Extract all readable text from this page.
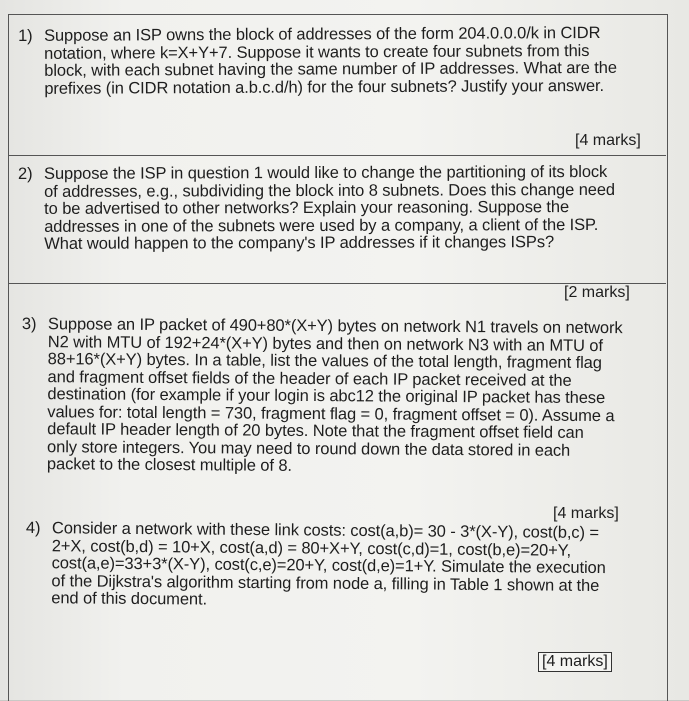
1) Suppose an ISP owns the block of addresses of the form 204.0.0.0/k in CIDR
notation, where k=X+Y+7. Suppose it wants to create four subnets from this
block, with each subnet having the same number of IP addresses. What are the
prefixes (in CIDR notation a.b.c.d/h) for the four subnets? Justify your answer.
[4 marks]
2) Suppose the ISP in question 1 would like to change the partitioning of its block
of addresses, e.g., subdividing the block into 8 subnets. Does this change need
to be advertised to other networks? Explain your reasoning. Suppose the
addresses in one of the subnets were used by a company, a client of the ISP.
What would happen to the company's IP addresses if it changes ISPs?
[2 marks]
3) Suppose an IP packet of 490+80*(X+Y) bytes on network N1 travels on network
N2 with MTU of 192+24*(X+Y) bytes and then on network N3 with an MTU of
88+16*(X+Y) bytes. In a table, list the values of the total length, fragment flag
and fragment offset fields of the header of each IP packet received at the
destination (for example if your login is abc12 the original IP packet has these
values for: total length = 730, fragment flag = 0, fragment offset = 0). Assume a
default IP header length of 20 bytes. Note that the fragment offset field can
only store integers. You may need to round down the data stored in each
packet to the closest multiple of 8.
[4 marks]
4) Consider a network with these link costs: cost(a,b)= 30 - 3*(X-Y), cost(b,c) =
2+X, cost(b,d) = 10+X, cost(a,d) = 80+X+Y, cost(c,d)=1, cost(b,e)=20+Y,
cost(a,e)=33+3*(X-Y), cost(c,e)=20+Y, cost(d,e)=1+Y. Simulate the execution
of the Dijkstra's algorithm starting from node a, filling in Table 1 shown at the
end of this document.
[4 marks]
